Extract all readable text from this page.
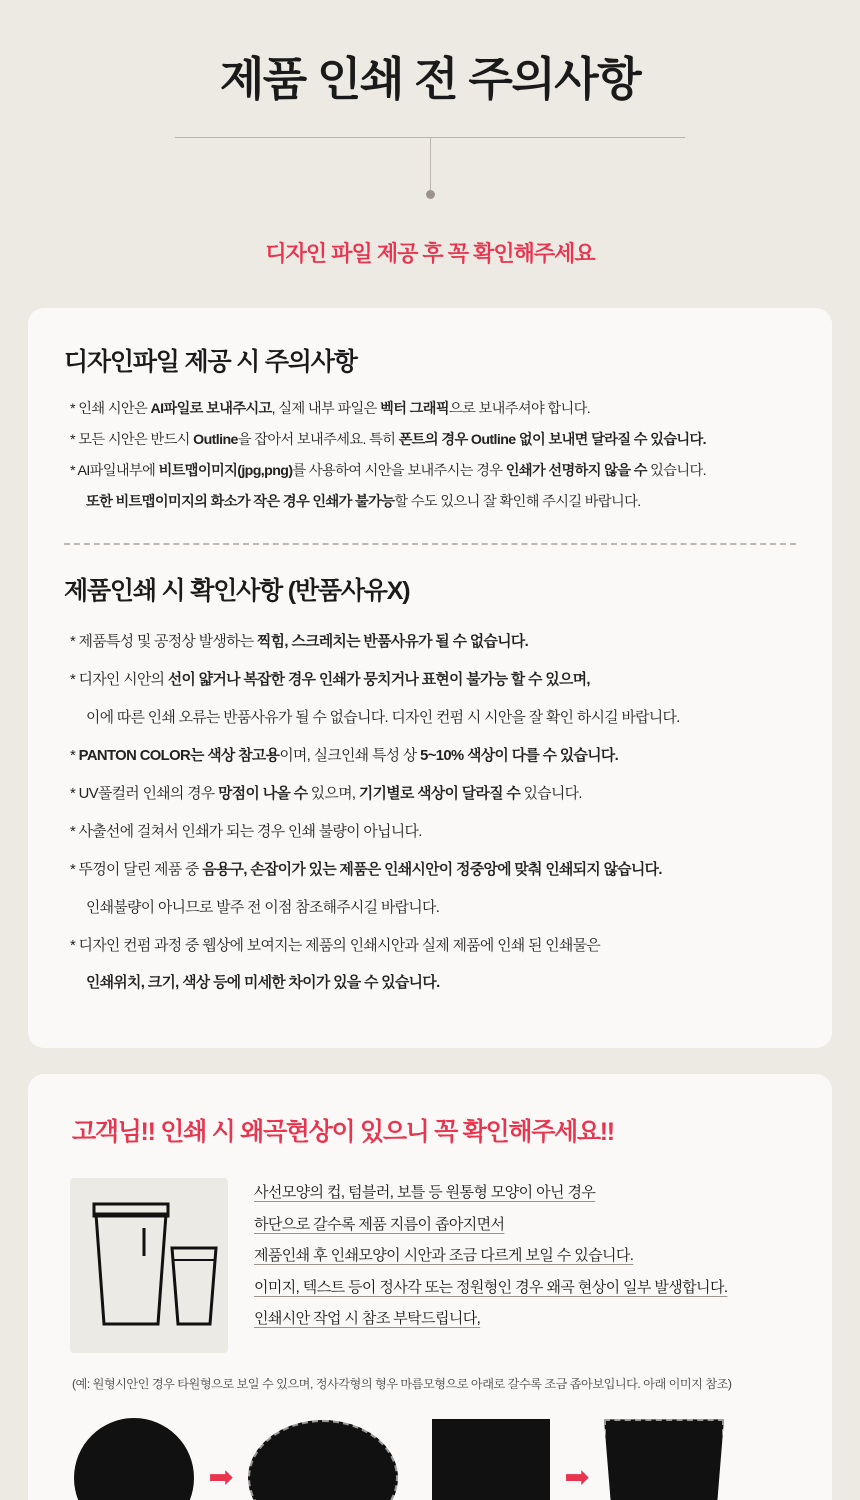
제품 인쇄 전 주의사항
디자인 파일 제공 후 꼭 확인해주세요
디자인파일 제공 시 주의사항

* 인쇄 시안은 AI파일로 보내주시고, 실제 내부 파일은 벡터 그래픽으로 보내주셔야 합니다.

* 모든 시안은 반드시 Outline을 잡아서 보내주세요. 특히 폰트의 경우 Outline 없이 보내면 달라질 수 있습니다.

* AI파일내부에 비트맵이미지(jpg,png)를 사용하여 시안을 보내주시는 경우 인쇄가 선명하지 않을 수 있습니다.

또한 비트맵이미지의 화소가 작은 경우 인쇄가 불가능할 수도 있으니 잘 확인해 주시길 바랍니다.

제품인쇄 시 확인사항 (반품사유X)

* 제품특성 및 공정상 발생하는 찍힘, 스크레치는 반품사유가 될 수 없습니다.

* 디자인 시안의 선이 얇거나 복잡한 경우 인쇄가 뭉치거나 표현이 불가능 할 수 있으며,

이에 따른 인쇄 오류는 반품사유가 될 수 없습니다. 디자인 컨펌 시 시안을 잘 확인 하시길 바랍니다.

* PANTON COLOR는 색상 참고용이며, 실크인쇄 특성 상 5~10% 색상이 다를 수 있습니다.

* UV풀컬러 인쇄의 경우 망점이 나올 수 있으며, 기기별로 색상이 달라질 수 있습니다.

* 사출선에 걸쳐서 인쇄가 되는 경우 인쇄 불량이 아닙니다.

* 뚜껑이 달린 제품 중 음용구, 손잡이가 있는 제품은 인쇄시안이 정중앙에 맞춰 인쇄되지 않습니다.

인쇄불량이 아니므로 발주 전 이점 참조해주시길 바랍니다.

* 디자인 컨펌 과정 중 웹상에 보여지는 제품의 인쇄시안과 실제 제품에 인쇄 된 인쇄물은

인쇄위치, 크기, 색상 등에 미세한 차이가 있을 수 있습니다.

고객님!! 인쇄 시 왜곡현상이 있으니 꼭 확인해주세요!!

사선모양의 컵, 텀블러, 보틀 등 원통형 모양이 아닌 경우

하단으로 갈수록 제품 지름이 좁아지면서

제품인쇄 후 인쇄모양이 시안과 조금 다르게 보일 수 있습니다.

이미지, 텍스트 등이 정사각 또는 정원형인 경우 왜곡 현상이 일부 발생합니다.

인쇄시안 작업 시 참조 부탁드립니다,

(예: 원형시안인 경우 타원형으로 보일 수 있으며, 정사각형의 형우 마름모형으로 아래로 갈수록 조금 좁아보입니다. 아래 이미지 참조)

➡	➡
